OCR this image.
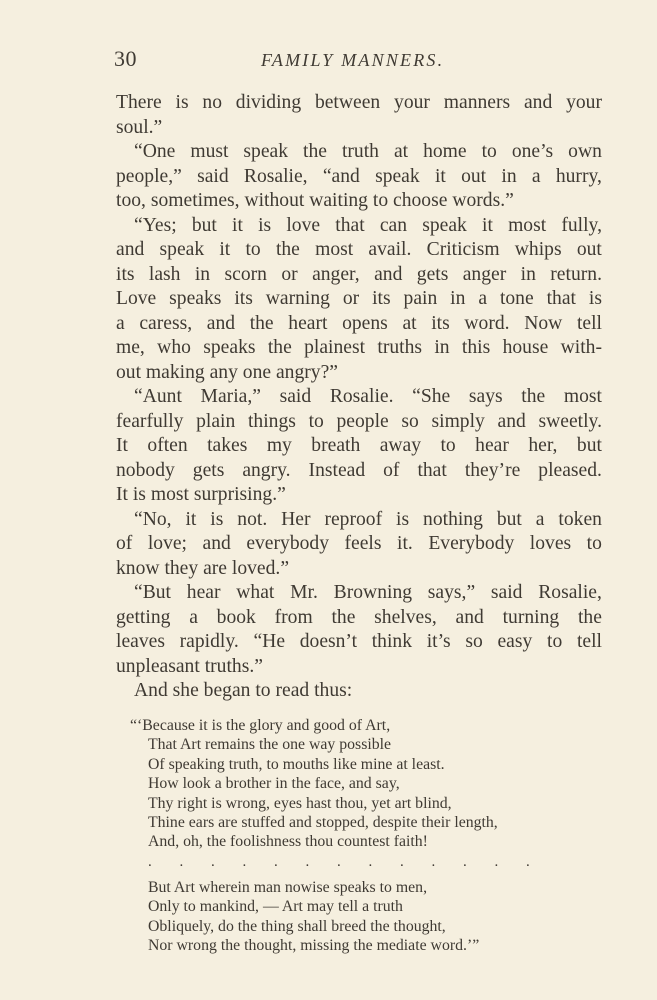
30	FAMILY MANNERS.
There is no dividing between your manners and your
soul.”
“One must speak the truth at home to one’s own
people,” said Rosalie, “and speak it out in a hurry,
too, sometimes, without waiting to choose words.”
“Yes; but it is love that can speak it most fully,
and speak it to the most avail. Criticism whips out
its lash in scorn or anger, and gets anger in return.
Love speaks its warning or its pain in a tone that is
a caress, and the heart opens at its word. Now tell
me, who speaks the plainest truths in this house with-
out making any one angry?”
“Aunt Maria,” said Rosalie. “She says the most
fearfully plain things to people so simply and sweetly.
It often takes my breath away to hear her, but
nobody gets angry. Instead of that they’re pleased.
It is most surprising.”
“No, it is not. Her reproof is nothing but a token
of love; and everybody feels it. Everybody loves to
know they are loved.”
“But hear what Mr. Browning says,” said Rosalie,
getting a book from the shelves, and turning the
leaves rapidly. “He doesn’t think it’s so easy to tell
unpleasant truths.”
And she began to read thus:
“‘Because it is the glory and good of Art,
That Art remains the one way possible
Of speaking truth, to mouths like mine at least.
How look a brother in the face, and say,
Thy right is wrong, eyes hast thou, yet art blind,
Thine ears are stuffed and stopped, despite their length,
And, oh, the foolishness thou countest faith!
. . . . . . . . . . . . .
But Art wherein man nowise speaks to men,
Only to mankind, — Art may tell a truth
Obliquely, do the thing shall breed the thought,
Nor wrong the thought, missing the mediate word.’”
